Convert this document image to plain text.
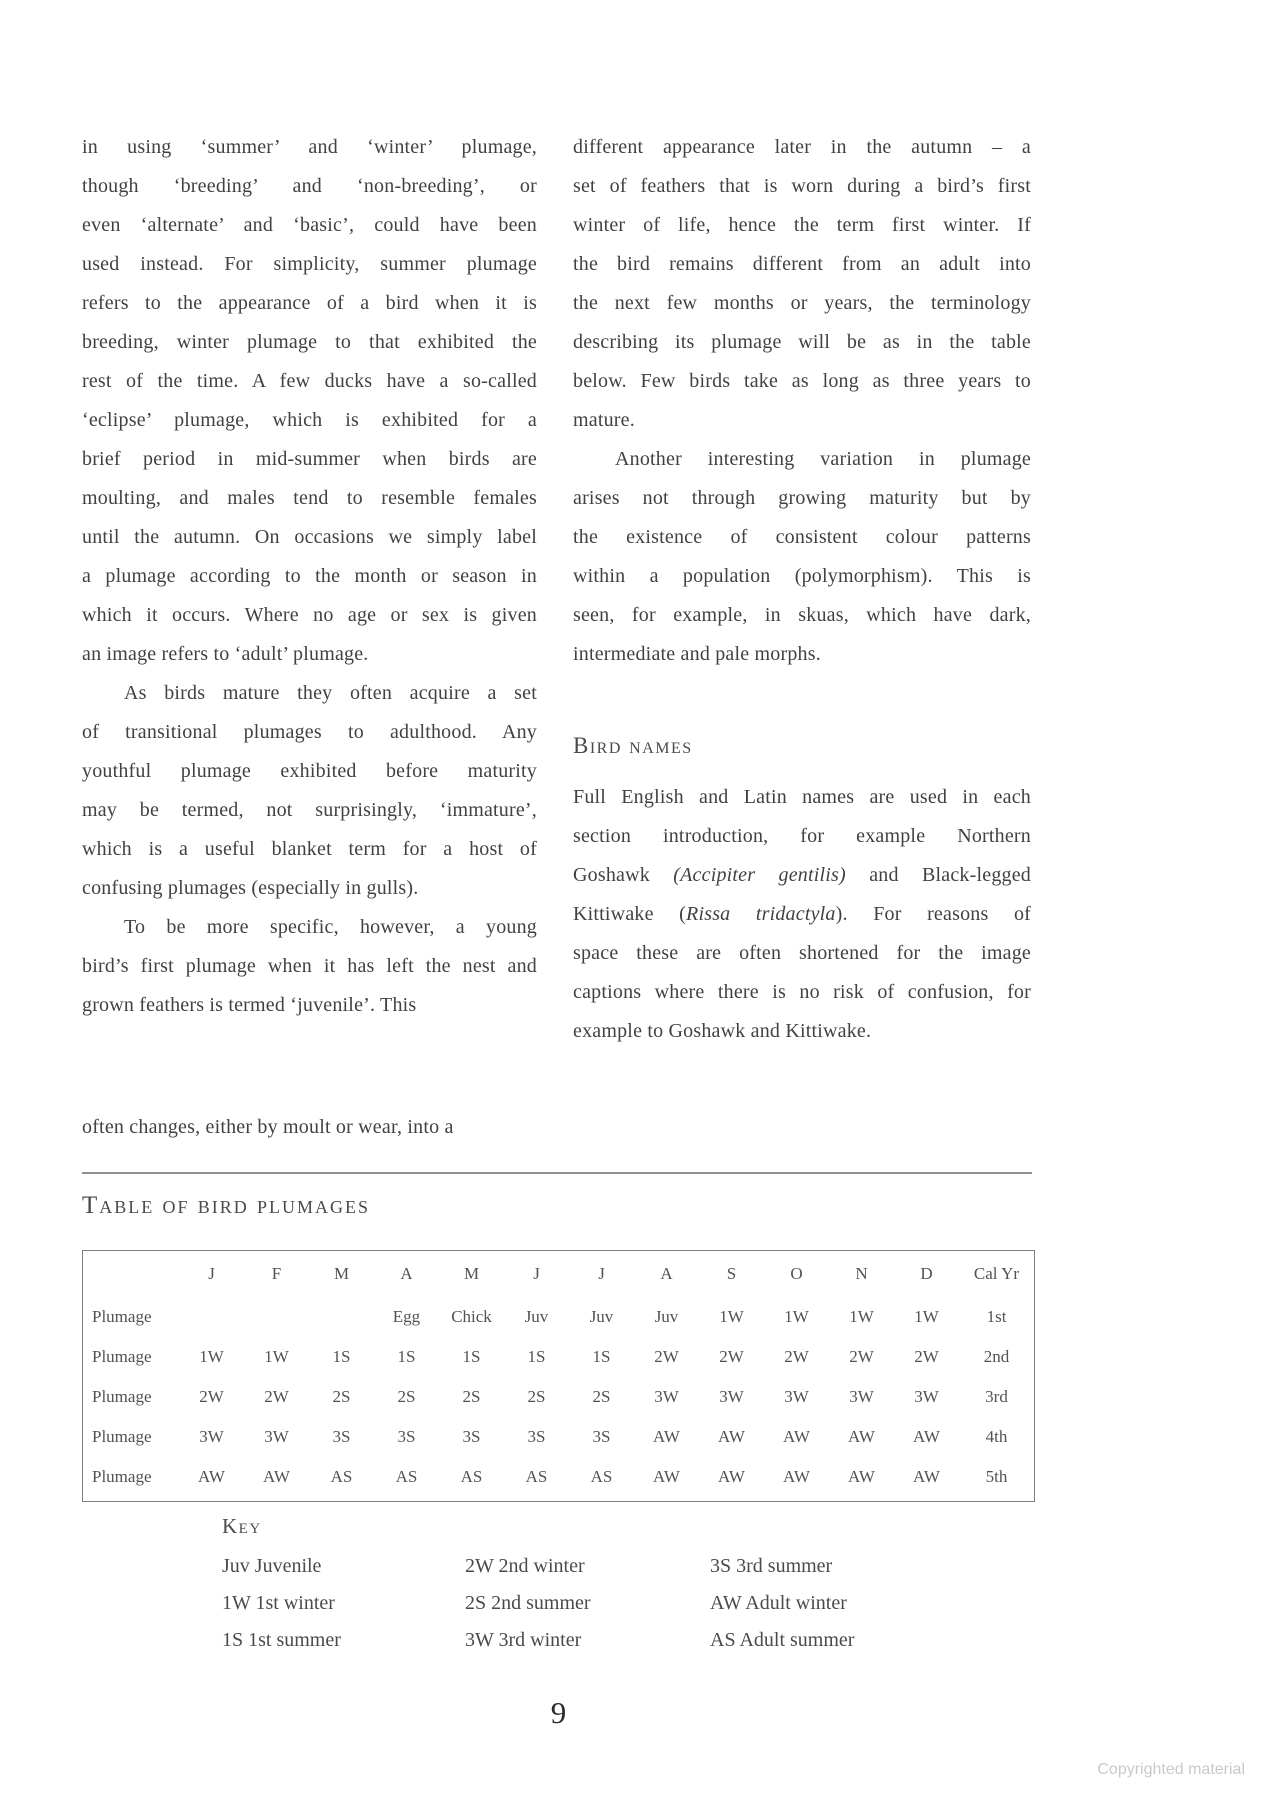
in using ‘summer’ and ‘winter’ plumage,
though ‘breeding’ and ‘non-breeding’, or
even ‘alternate’ and ‘basic’, could have been
used instead. For simplicity, summer plumage
refers to the appearance of a bird when it is
breeding, winter plumage to that exhibited the
rest of the time. A few ducks have a so-called
‘eclipse’ plumage, which is exhibited for a
brief period in mid-summer when birds are
moulting, and males tend to resemble females
until the autumn. On occasions we simply label
a plumage according to the month or season in
which it occurs. Where no age or sex is given
an image refers to ‘adult’ plumage.
As birds mature they often acquire a set
of transitional plumages to adulthood. Any
youthful plumage exhibited before maturity
may be termed, not surprisingly, ‘immature’,
which is a useful blanket term for a host of
confusing plumages (especially in gulls).
To be more specific, however, a young
bird’s first plumage when it has left the nest and
grown feathers is termed ‘juvenile’. This
different appearance later in the autumn – a
set of feathers that is worn during a bird’s first
winter of life, hence the term first winter. If
the bird remains different from an adult into
the next few months or years, the terminology
describing its plumage will be as in the table
below. Few birds take as long as three years to
mature.
Another interesting variation in plumage
arises not through growing maturity but by
the existence of consistent colour patterns
within a population (polymorphism). This is
seen, for example, in skuas, which have dark,
intermediate and pale morphs.
Bird names
Full English and Latin names are used in each
section introduction, for example Northern
Goshawk (Accipiter gentilis) and Black-legged
Kittiwake (Rissa tridactyla). For reasons of
space these are often shortened for the image
captions where there is no risk of confusion, for
example to Goshawk and Kittiwake.
often changes, either by moult or wear, into a
Table of bird plumages
J	F	M	A	M	J	J	A	S	O	N	D	Cal Yr
Plumage	Egg	Chick	Juv	Juv	Juv	1W	1W	1W	1W	1st
Plumage	1W	1W	1S	1S	1S	1S	1S	2W	2W	2W	2W	2W	2nd
Plumage	2W	2W	2S	2S	2S	2S	2S	3W	3W	3W	3W	3W	3rd
Plumage	3W	3W	3S	3S	3S	3S	3S	AW	AW	AW	AW	AW	4th
Plumage	AW	AW	AS	AS	AS	AS	AS	AW	AW	AW	AW	AW	5th
Key
Juv Juvenile
1W 1st winter
1S 1st summer
2W 2nd winter
2S 2nd summer
3W 3rd winter
3S 3rd summer
AW Adult winter
AS Adult summer
9
Copyrighted material
